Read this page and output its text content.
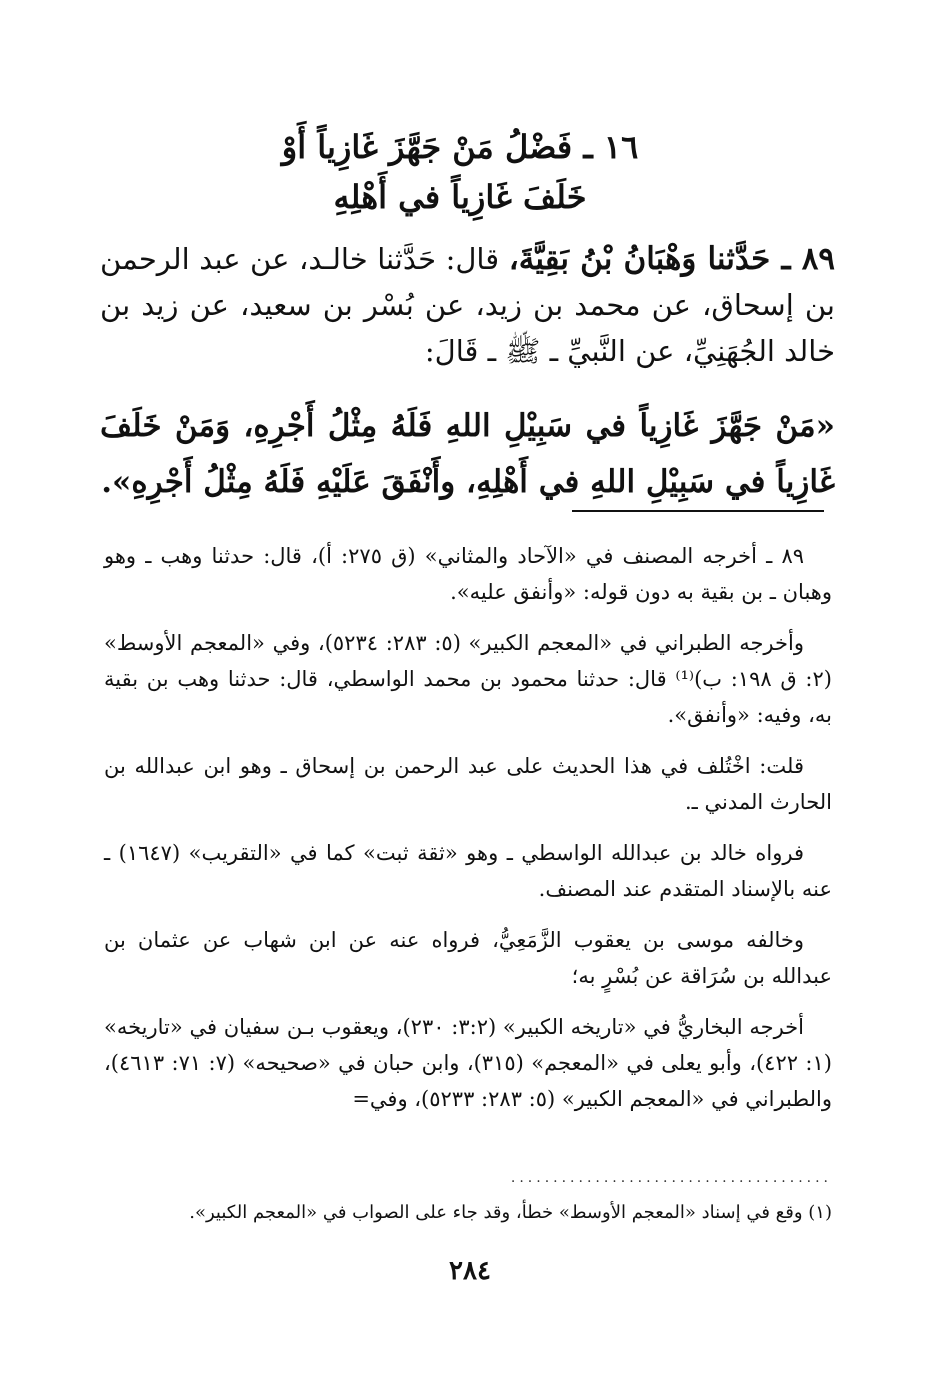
١٦ ـ فَضْلُ مَنْ جَهَّزَ غَازِياً أَوْ
خَلَفَ غَازِياً في أَهْلِهِ

٨٩ ـ حَدَّثنا وَهْبَانُ بْنُ بَقِيَّةَ، قال: حَدَّثنا خالـد، عن عبد الرحمن بن إسحاق، عن محمد بن زيد، عن بُسْر بن سعيد، عن زيد بن خالد الجُهَنِيِّ، عن النَّبيِّ ـ ﷺ ـ قَالَ:

«مَنْ جَهَّزَ غَازِياً في سَبِيْلِ اللهِ فَلَهُ مِثْلُ أَجْرِهِ، وَمَنْ خَلَفَ غَازِياً في سَبِيْلِ اللهِ في أَهْلِهِ، وأَنْفَقَ عَلَيْهِ فَلَهُ مِثْلُ أَجْرِهِ».

٨٩ ـ أخرجه المصنف في «الآحاد والمثاني» (ق ٢٧٥: أ)، قال: حدثنا وهب ـ وهو وهبان ـ بن بقية به دون قوله: «وأنفق عليه».

وأخرجه الطبراني في «المعجم الكبير» (٥: ٢٨٣: ٥٢٣٤)، وفي «المعجم الأوسط» (٢: ق ١٩٨: ب)⁽¹⁾ قال: حدثنا محمود بن محمد الواسطي، قال: حدثنا وهب بن بقية به، وفيه: «وأنفق».

قلت: اخْتُلف في هذا الحديث على عبد الرحمن بن إسحاق ـ وهو ابن عبدالله بن الحارث المدني ـ.

فرواه خالد بن عبدالله الواسطي ـ وهو «ثقة ثبت» كما في «التقريب» (١٦٤٧) ـ عنه بالإسناد المتقدم عند المصنف.

وخالفه موسى بن يعقوب الزَّمَعِيُّ، فرواه عنه عن ابن شهاب عن عثمان بن عبدالله بن سُرَاقة عن بُسْرٍ به؛

أخرجه البخاريُّ في «تاريخه الكبير» (٣:٢: ٢٣٠)، ويعقوب بـن سفيان في «تاريخه» (١: ٤٢٢)، وأبو يعلى في «المعجم» (٣١٥)، وابن حبان في «صحيحه» (٧: ٧١: ٤٦١٣)، والطبراني في «المعجم الكبير» (٥: ٢٨٣: ٥٢٣٣)، وفي=

......................................
(١) وقع في إسناد «المعجم الأوسط» خطأ، وقد جاء على الصواب في «المعجم الكبير».
٢٨٤
